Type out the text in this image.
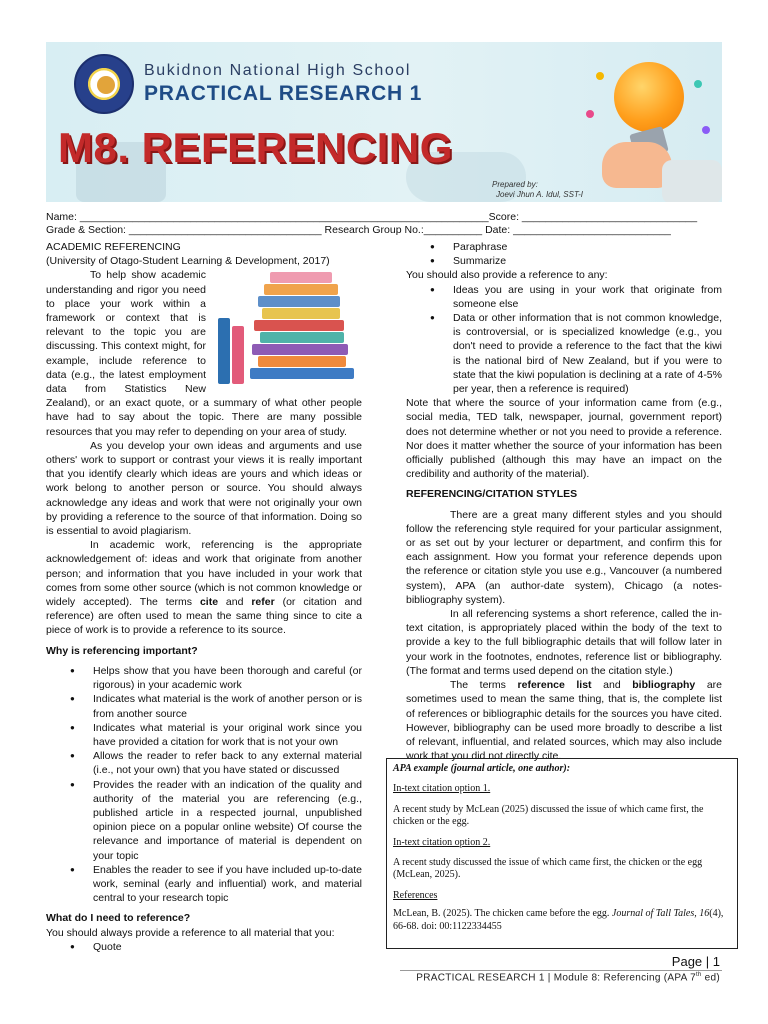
Bukidnon National High School
PRACTICAL RESEARCH 1
M8. REFERENCING
Prepared by:
Joevi Jhun A. Idul, SST-I
Name: ______________________________________________________________________Score: ______________________________
Grade & Section: _________________________________ Research Group No.:__________ Date: ___________________________

ACADEMIC REFERENCING

(University of Otago-Student Learning & Development, 2017)

To help show academic understanding and rigor you need to place your work within a framework or context that is relevant to the topic you are discussing. This context might, for example, include reference to data (e.g., the latest employment data from Statistics New Zealand), or an exact quote, or a summary of what other people have had to say about the topic. There are many possible resources that you may refer to depending on your area of study.

As you develop your own ideas and arguments and use others' work to support or contrast your views it is really important that you identify clearly which ideas are yours and which ideas or work belong to another person or source. You should always acknowledge any ideas and work that were not originally your own by providing a reference to the source of that information. Doing so is essential to avoid plagiarism.

In academic work, referencing is the appropriate acknowledgement of: ideas and work that originate from another person; and information that you have included in your work that comes from some other source (which is not common knowledge or widely accepted). The terms cite and refer (or citation and reference) are often used to mean the same thing since to cite a piece of work is to provide a reference to its source.

Why is referencing important?

● Helps show that you have been thorough and careful (or rigorous) in your academic work
● Indicates what material is the work of another person or is from another source
● Indicates what material is your original work since you have provided a citation for work that is not your own
● Allows the reader to refer back to any external material (i.e., not your own) that you have stated or discussed
● Provides the reader with an indication of the quality and authority of the material you are referencing (e.g., published article in a respected journal, unpublished opinion piece on a popular online website) Of course the relevance and importance of material is dependent on your topic
● Enables the reader to see if you have included up-to-date work, seminal (early and influential) work, and material central to your research topic

What do I need to reference?

You should always provide a reference to all material that you:

● Quote
● Paraphrase
● Summarize

You should also provide a reference to any:

● Ideas you are using in your work that originate from someone else
● Data or other information that is not common knowledge, is controversial, or is specialized knowledge (e.g., you don't need to provide a reference to the fact that the kiwi is the national bird of New Zealand, but if you were to state that the kiwi population is declining at a rate of 4-5% per year, then a reference is required)

Note that where the source of your information came from (e.g., social media, TED talk, newspaper, journal, government report) does not determine whether or not you need to provide a reference. Nor does it matter whether the source of your information has been officially published (although this may have an impact on the credibility and authority of the material).

REFERENCING/CITATION STYLES

There are a great many different styles and you should follow the referencing style required for your particular assignment, or as set out by your lecturer or department, and confirm this for each assignment. How you format your reference depends upon the reference or citation style you use e.g., Vancouver (a numbered system), APA (an author-date system), Chicago (a notes-bibliography system).

In all referencing systems a short reference, called the in-text citation, is appropriately placed within the body of the text to provide a key to the full bibliographic details that will follow later in your work in the footnotes, endnotes, reference list or bibliography. (The format and terms used depend on the citation style.)

The terms reference list and bibliography are sometimes used to mean the same thing, that is, the complete list of references or bibliographic details for the sources you have cited. However, bibliography can be used more broadly to describe a list of relevant, influential, and related sources, which may also include work that you did not directly cite.

APA example (journal article, one author):

In-text citation option 1.

A recent study by McLean (2025) discussed the issue of which came first, the chicken or the egg.

In-text citation option 2.

A recent study discussed the issue of which came first, the chicken or the egg (McLean, 2025).

References

McLean, B. (2025). The chicken came before the egg. Journal of Tall Tales, 16(4), 66-68. doi: 00:1122334455

Page | 1
PRACTICAL RESEARCH 1 | Module 8: Referencing (APA 7th ed)
